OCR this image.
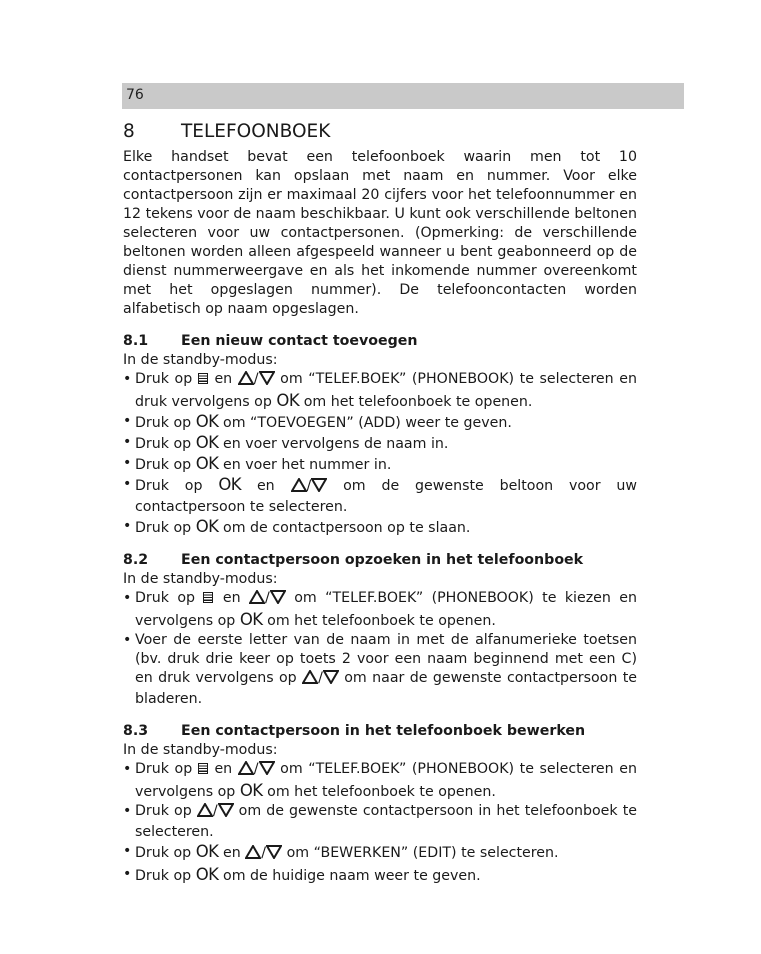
76
8	TELEFOONBOEK

Elke handset bevat een telefoonboek waarin men tot 10 contactpersonen kan opslaan met naam en nummer. Voor elke contactpersoon zijn er maximaal 20 cijfers voor het telefoonnummer en 12 tekens voor de naam beschikbaar. U kunt ook verschillende beltonen selecteren voor uw contactpersonen. (Opmerking: de verschillende beltonen worden alleen afgespeeld wanneer u bent geabonneerd op de dienst nummerweergave en als het inkomende nummer overeenkomt met het opgeslagen nummer). De telefooncontacten worden alfabetisch op naam opgeslagen.

8.1	Een nieuw contact toevoegen

In de standby-modus:

• Druk op en / om “TELEF.BOEK” (PHONEBOOK) te selecteren en druk vervolgens op OK om het telefoonboek te openen.
• Druk op OK om “TOEVOEGEN” (ADD) weer te geven.
• Druk op OK en voer vervolgens de naam in.
• Druk op OK en voer het nummer in.
• Druk op OK en / om de gewenste beltoon voor uw contactpersoon te selecteren.
• Druk op OK om de contactpersoon op te slaan.
8.2	Een contactpersoon opzoeken in het telefoonboek

In de standby-modus:

• Druk op en / om “TELEF.BOEK” (PHONEBOOK) te kiezen en vervolgens op OK om het telefoonboek te openen.
• Voer de eerste letter van de naam in met de alfanumerieke toetsen (bv. druk drie keer op toets 2 voor een naam beginnend met een C) en druk vervolgens op / om naar de gewenste contactpersoon te bladeren.
8.3	Een contactpersoon in het telefoonboek bewerken

In de standby-modus:

• Druk op en / om “TELEF.BOEK” (PHONEBOOK) te selecteren en vervolgens op OK om het telefoonboek te openen.
• Druk op / om de gewenste contactpersoon in het telefoonboek te selecteren.
• Druk op OK en / om “BEWERKEN” (EDIT) te selecteren.
• Druk op OK om de huidige naam weer te geven.
